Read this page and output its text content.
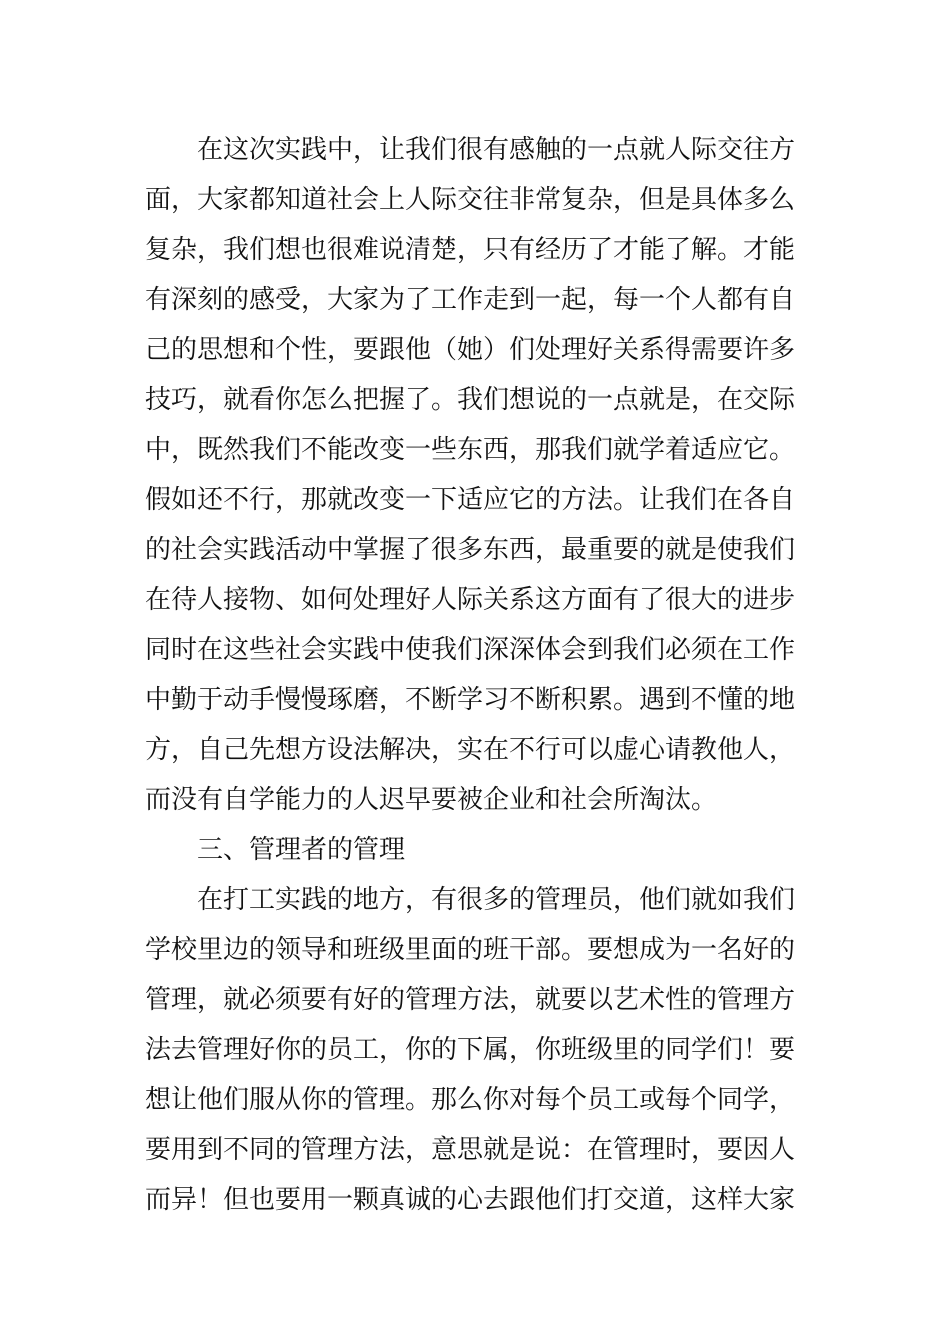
在这次实践中，让我们很有感触的一点就人际交往方
面，大家都知道社会上人际交往非常复杂，但是具体多么
复杂，我们想也很难说清楚，只有经历了才能了解。才能
有深刻的感受，大家为了工作走到一起，每一个人都有自
己的思想和个性，要跟他（她）们处理好关系得需要许多
技巧，就看你怎么把握了。我们想说的一点就是，在交际
中，既然我们不能改变一些东西，那我们就学着适应它。
假如还不行，那就改变一下适应它的方法。让我们在各自
的社会实践活动中掌握了很多东西，最重要的就是使我们
在待人接物、如何处理好人际关系这方面有了很大的进步
同时在这些社会实践中使我们深深体会到我们必须在工作
中勤于动手慢慢琢磨，不断学习不断积累。遇到不懂的地
方，自己先想方设法解决，实在不行可以虚心请教他人，
而没有自学能力的人迟早要被企业和社会所淘汰。
三、管理者的管理
在打工实践的地方，有很多的管理员，他们就如我们
学校里边的领导和班级里面的班干部。要想成为一名好的
管理，就必须要有好的管理方法，就要以艺术性的管理方
法去管理好你的员工，你的下属，你班级里的同学们！要
想让他们服从你的管理。那么你对每个员工或每个同学，
要用到不同的管理方法，意思就是说：在管理时，要因人
而异！但也要用一颗真诚的心去跟他们打交道，这样大家
